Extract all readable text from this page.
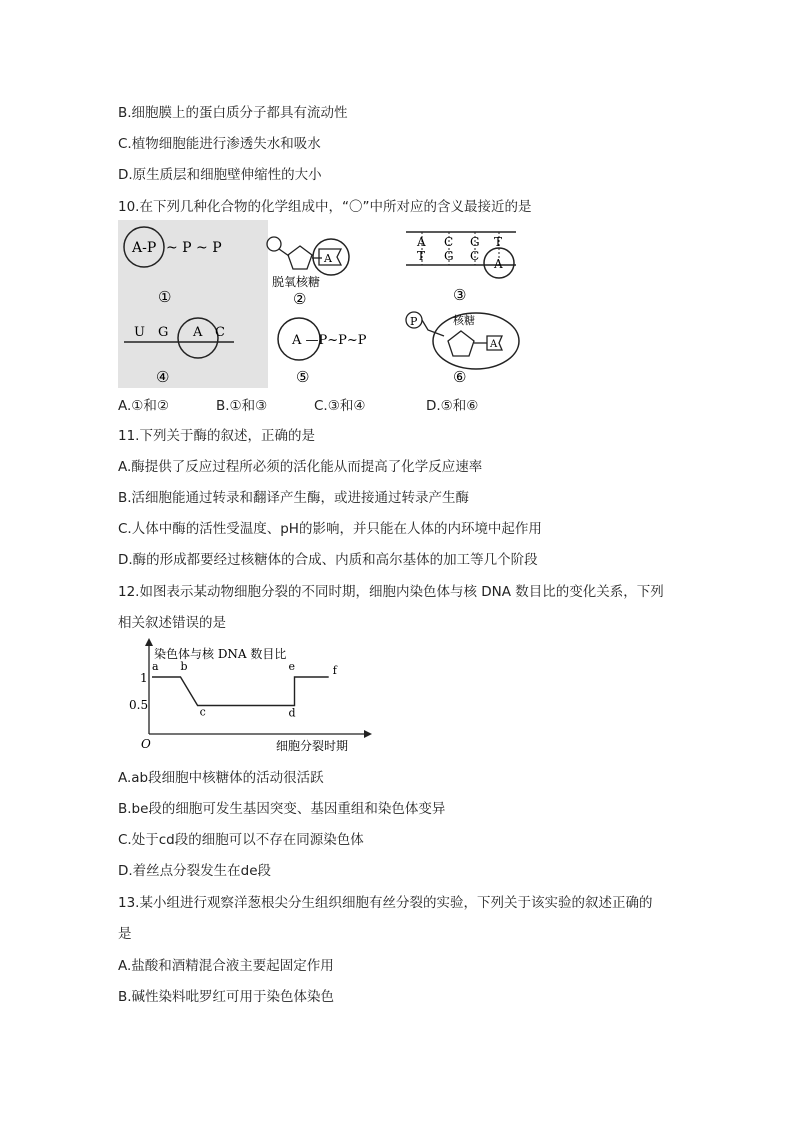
B.细胞膜上的蛋白质分子都具有流动性
C.植物细胞能进行渗透失水和吸水
D.原生质层和细胞壁伸缩性的大小
10.在下列几种化合物的化学组成中，“〇”中所对应的含义最接近的是
A-P ~ P ~ P
①
A
脱氧核糖
②
A C G T
T G C
A
③
U G A C
④
A —P~P~P
⑤
P
A
核糖
⑥
A.①和②	B.①和③	C.③和④	D.⑤和⑥
11.下列关于酶的叙述，正确的是
A.酶提供了反应过程所必须的活化能从而提高了化学反应速率
B.活细胞能通过转录和翻译产生酶，或进接通过转录产生酶
C.人体中酶的活性受温度、pH的影响，并只能在人体的内环境中起作用
D.酶的形成都要经过核糖体的合成、内质和高尔基体的加工等几个阶段
12.如图表示某动物细胞分裂的不同时期，细胞内染色体与核 DNA 数目比的变化关系，下列
相关叙述错误的是
染色体与核 DNA 数目比
细胞分裂时期
O
1
0.5
a b
c	d
e	f
A.ab段细胞中核糖体的活动很活跃
B.be段的细胞可发生基因突变、基因重组和染色体变异
C.处于cd段的细胞可以不存在同源染色体
D.着丝点分裂发生在de段
13.某小组进行观察洋葱根尖分生组织细胞有丝分裂的实验，下列关于该实验的叙述正确的
是
A.盐酸和酒精混合液主要起固定作用
B.碱性染料吡罗红可用于染色体染色
